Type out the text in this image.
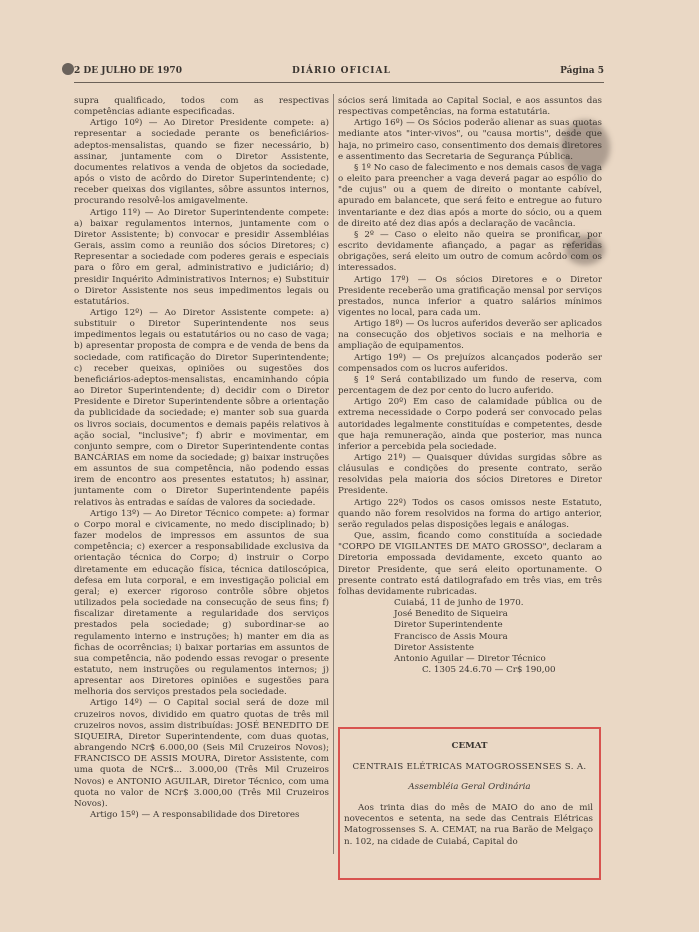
2 DE JULHO DE 1970	DIÁRIO OFICIAL	Página 5

supra qualificado, todos com as respectivas competências adiante especificadas.

Artigo 10º) — Ao Diretor Presidente compete: a) representar a sociedade perante os beneficiários-adeptos-mensalistas, quando se fizer necessário, b) assinar, juntamente com o Diretor Assistente, documentes relativos a venda de objetos da sociedade, após o visto de acôrdo do Diretor Superintendente; c) receber queixas dos vigilantes, sôbre assuntos internos, procurando resolvê-los amigavelmente.

Artigo 11º) — Ao Diretor Superintendente compete: a) baixar regulamentos internos, juntamente com o Diretor Assistente; b) convocar e presidir Assembléias Gerais, assim como a reunião dos sócios Diretores; c) Representar a sociedade com poderes gerais e especiais para o fôro em geral, administrativo e judiciário; d) presidir Inquérito Administrativos Internos; e) Substituir o Diretor Assistente nos seus impedimentos legais ou estatutários.

Artigo 12º) — Ao Diretor Assistente compete: a) substituir o Diretor Superintendente nos seus impedimentos legais ou estatutários ou no caso de vaga; b) apresentar proposta de compra e de venda de bens da sociedade, com ratificação do Diretor Superintendente; c) receber queixas, opiniões ou sugestões dos beneficiários-adeptos-mensalistas, encaminhando cópia ao Diretor Superintendente; d) decidir com o Diretor Presidente e Diretor Superintendente sôbre a orientação da publicidade da sociedade; e) manter sob sua guarda os livros sociais, documentos e demais papéis relativos à ação social, "inclusive"; f) abrir e movimentar, em conjunto sempre, com o Diretor Superintendente contas BANCÁRIAS em nome da sociedade; g) baixar instruções em assuntos de sua competência, não podendo essas irem de encontro aos presentes estatutos; h) assinar, juntamente com o Diretor Superintendente papéis relativos às entradas e saídas de valores da sociedade.

Artigo 13º) — Ao Diretor Técnico compete: a) formar o Corpo moral e civicamente, no medo disciplinado; b) fazer modelos de impressos em assuntos de sua competência; c) exercer a responsabilidade exclusiva da orientação técnica do Corpo; d) instruir o Corpo diretamente em educação física, técnica datiloscópica, defesa em luta corporal, e em investigação policial em geral; e) exercer rigoroso contrôle sôbre objetos utilizados pela sociedade na consecução de seus fins; f) fiscalizar diretamente a regularidade dos serviços prestados pela sociedade; g) subordinar-se ao regulamento interno e instruções; h) manter em dia as fichas de ocorrências; i) baixar portarias em assuntos de sua competência, não podendo essas revogar o presente estatuto, nem instruções ou regulamentos internos; j) apresentar aos Diretores opiniões e sugestões para melhoria dos serviços prestados pela sociedade.

Artigo 14º) — O Capital social será de doze mil cruzeiros novos, dividido em quatro quotas de três mil cruzeiros novos, assim distribuídas: JOSÉ BENEDITO DE SIQUEIRA, Diretor Superintendente, com duas quotas, abrangendo NCr$ 6.000,00 (Seis Mil Cruzeiros Novos); FRANCISCO DE ASSIS MOURA, Diretor Assistente, com uma quota de NCr$... 3.000,00 (Três Mil Cruzeiros Novos) e ANTONIO AGUILAR, Diretor Técnico, com uma quota no valor de NCr$ 3.000,00 (Três Mil Cruzeiros Novos).

Artigo 15º) — A responsabilidade dos Diretores

sócios será limitada ao Capital Social, e aos assuntos das respectivas competências, na forma estatutária.

Artigo 16º) — Os Sócios poderão alienar as suas quotas mediante atos "inter-vivos", ou "causa mortis", desde que haja, no primeiro caso, consentimento dos demais diretores e assentimento das Secretaria de Segurança Pública.

§ 1º No caso de falecimento e nos demais casos de vaga o eleito para preencher a vaga deverá pagar ao espólio do "de cujus" ou a quem de direito o montante cabível, apurado em balancete, que será feito e entregue ao futuro inventariante e dez dias após a morte do sócio, ou a quem de direito até dez dias após a declaração de vacância.

§ 2º — Caso o eleito não queira se pronificar, por escrito devidamente afiançado, a pagar as referidas obrigações, será eleito um outro de comum acôrdo com os interessados.

Artigo 17º) — Os sócios Diretores e o Diretor Presidente receberão uma gratificação mensal por serviços prestados, nunca inferior a quatro salários mínimos vigentes no local, para cada um.

Artigo 18º) — Os lucros auferidos deverão ser aplicados na consecução dos objetivos sociais e na melhoria e ampliação de equipamentos.

Artigo 19º) — Os prejuízos alcançados poderão ser compensados com os lucros auferidos.

§ 1º Será contabilizado um fundo de reserva, com percentagem de dez por cento do lucro auferido.

Artigo 20º) Em caso de calamidade pública ou de extrema necessidade o Corpo poderá ser convocado pelas autoridades legalmente constituídas e competentes, desde que haja remuneração, ainda que posterior, mas nunca inferior a percebida pela sociedade.

Artigo 21º) — Quaisquer dúvidas surgidas sôbre as cláusulas e condições do presente contrato, serão resolvidas pela maioria dos sócios Diretores e Diretor Presidente.

Artigo 22º) Todos os casos omissos neste Estatuto, quando não forem resolvidos na forma do artigo anterior, serão regulados pelas disposições legais e análogas.

Que, assim, ficando como constituída a sociedade "CORPO DE VIGILANTES DE MATO GROSSO", declaram a Diretoria empossada devidamente, exceto quanto ao Diretor Presidente, que será eleito oportunamente. O presente contrato está datilografado em três vias, em três folhas devidamente rubricadas.

Cuiabá, 11 de junho de 1970.

José Benedito de Siqueira

Diretor Superintendente

Francisco de Assis Moura

Diretor Assistente

Antonio Aguilar — Diretor Técnico

C. 1305 24.6.70 — Cr$ 190,00

CEMAT
CENTRAIS ELÉTRICAS MATOGROSSENSES S. A.
Assembléia Geral Ordinária
Aos trinta dias do mês de MAIO do ano de mil novecentos e setenta, na sede das Centrais Elétricas Matogrossenses S. A. CEMAT, na rua Barão de Melgaço n. 102, na cidade de Cuiabá, Capital do
